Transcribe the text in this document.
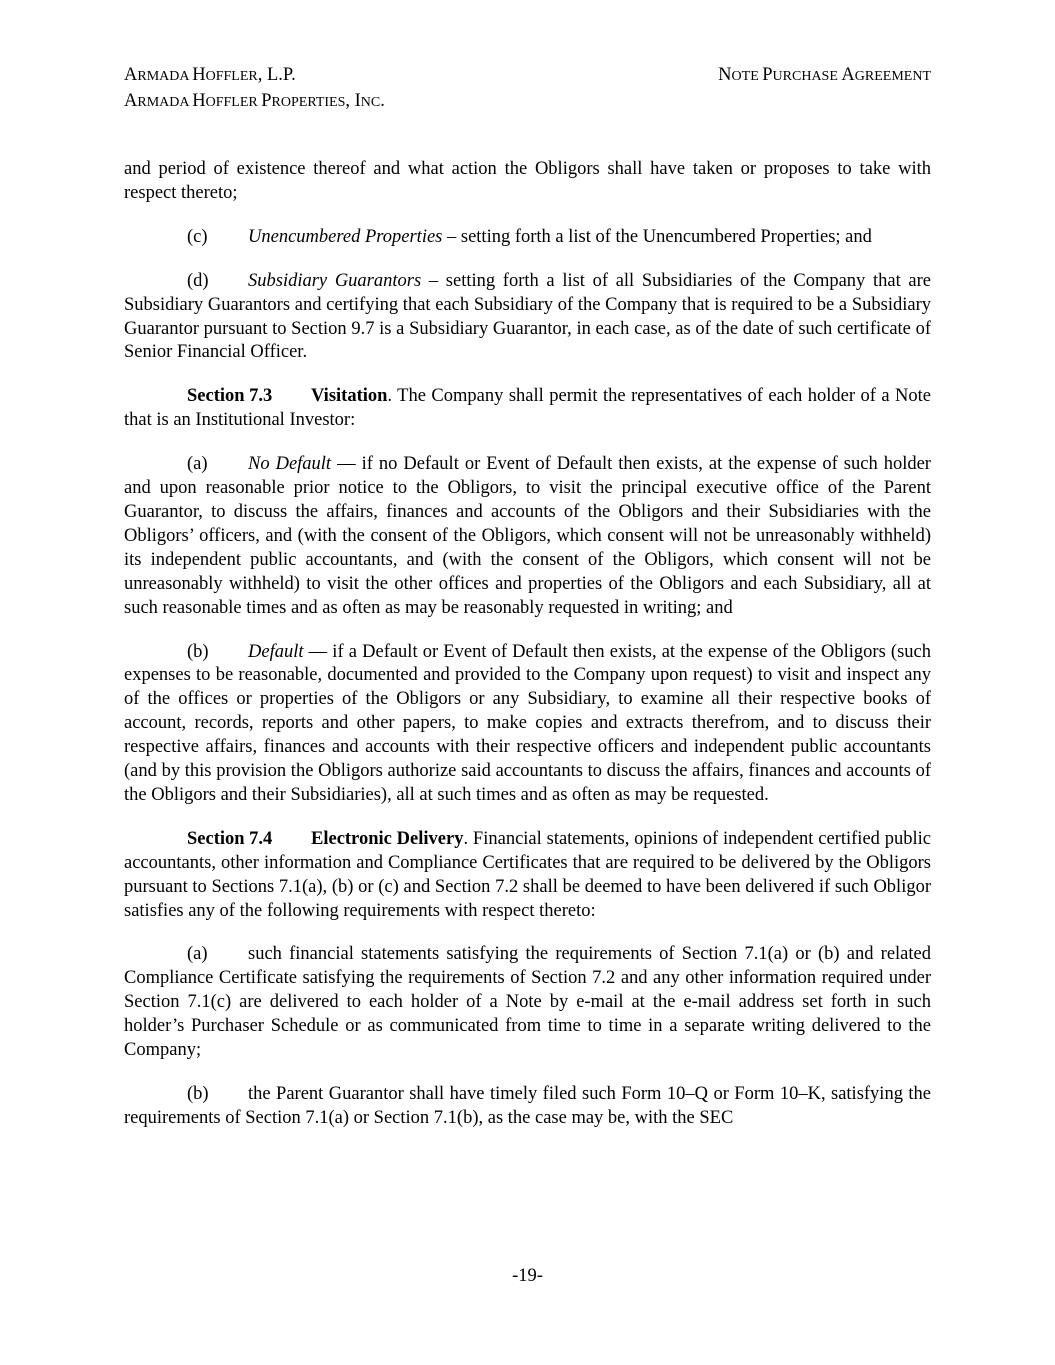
ARMADA HOFFLER, L.P.
ARMADA HOFFLER PROPERTIES, INC.
NOTE PURCHASE AGREEMENT

and period of existence thereof and what action the Obligors shall have taken or proposes to take with respect thereto;

(c) Unencumbered Properties – setting forth a list of the Unencumbered Properties; and

(d) Subsidiary Guarantors – setting forth a list of all Subsidiaries of the Company that are Subsidiary Guarantors and certifying that each Subsidiary of the Company that is required to be a Subsidiary Guarantor pursuant to Section 9.7 is a Subsidiary Guarantor, in each case, as of the date of such certificate of Senior Financial Officer.

Section 7.3 Visitation. The Company shall permit the representatives of each holder of a Note that is an Institutional Investor:

(a) No Default — if no Default or Event of Default then exists, at the expense of such holder and upon reasonable prior notice to the Obligors, to visit the principal executive office of the Parent Guarantor, to discuss the affairs, finances and accounts of the Obligors and their Subsidiaries with the Obligors’ officers, and (with the consent of the Obligors, which consent will not be unreasonably withheld) its independent public accountants, and (with the consent of the Obligors, which consent will not be unreasonably withheld) to visit the other offices and properties of the Obligors and each Subsidiary, all at such reasonable times and as often as may be reasonably requested in writing; and

(b) Default — if a Default or Event of Default then exists, at the expense of the Obligors (such expenses to be reasonable, documented and provided to the Company upon request) to visit and inspect any of the offices or properties of the Obligors or any Subsidiary, to examine all their respective books of account, records, reports and other papers, to make copies and extracts therefrom, and to discuss their respective affairs, finances and accounts with their respective officers and independent public accountants (and by this provision the Obligors authorize said accountants to discuss the affairs, finances and accounts of the Obligors and their Subsidiaries), all at such times and as often as may be requested.

Section 7.4 Electronic Delivery. Financial statements, opinions of independent certified public accountants, other information and Compliance Certificates that are required to be delivered by the Obligors pursuant to Sections 7.1(a), (b) or (c) and Section 7.2 shall be deemed to have been delivered if such Obligor satisfies any of the following requirements with respect thereto:

(a) such financial statements satisfying the requirements of Section 7.1(a) or (b) and related Compliance Certificate satisfying the requirements of Section 7.2 and any other information required under Section 7.1(c) are delivered to each holder of a Note by e-mail at the e-mail address set forth in such holder’s Purchaser Schedule or as communicated from time to time in a separate writing delivered to the Company;

(b) the Parent Guarantor shall have timely filed such Form 10–Q or Form 10–K, satisfying the requirements of Section 7.1(a) or Section 7.1(b), as the case may be, with the SEC

-19-
